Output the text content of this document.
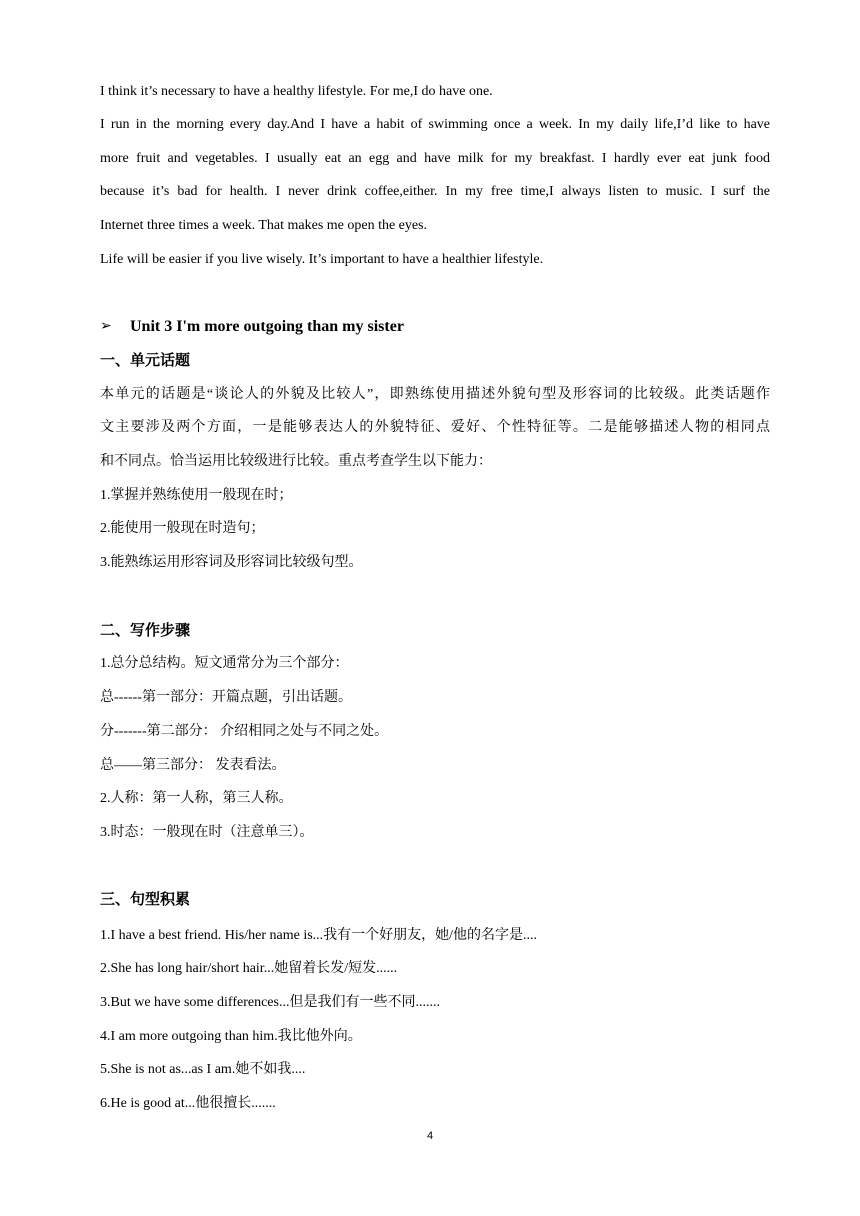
I think it’s necessary to have a healthy lifestyle. For me,I do have one.
I run in the morning every day.And I have a habit of swimming once a week. In my daily life,I’d like to have
more fruit and vegetables. I usually eat an egg and have milk for my breakfast. I hardly ever eat junk food
because it’s bad for health. I never drink coffee,either. In my free time,I always listen to music. I surf the
Internet three times a week. That makes me open the eyes.
Life will be easier if you live wisely. It’s important to have a healthier lifestyle.
➢ Unit 3 I'm more outgoing than my sister
一、单元话题
本单元的话题是“谈论人的外貌及比较人”，即熟练使用描述外貌句型及形容词的比较级。此类话题作
文主要涉及两个方面，一是能够表达人的外貌特征、爱好、个性特征等。二是能够描述人物的相同点
和不同点。恰当运用比较级进行比较。重点考查学生以下能力：
1.掌握并熟练使用一般现在时；
2.能使用一般现在时造句；
3.能熟练运用形容词及形容词比较级句型。
二、写作步骤
1.总分总结构。短文通常分为三个部分：
总------第一部分：开篇点题，引出话题。
分-------第二部分： 介绍相同之处与不同之处。
总——第三部分： 发表看法。
2.人称：第一人称，第三人称。
3.时态：一般现在时（注意单三）。
三、句型积累
1.I have a best friend. His/her name is...我有一个好朋友，她/他的名字是....
2.She has long hair/short hair...她留着长发/短发......
3.But we have some differences...但是我们有一些不同.......
4.I am more outgoing than him.我比他外向。
5.She is not as...as I am.她不如我....
6.He is good at...他很擅长.......
4
